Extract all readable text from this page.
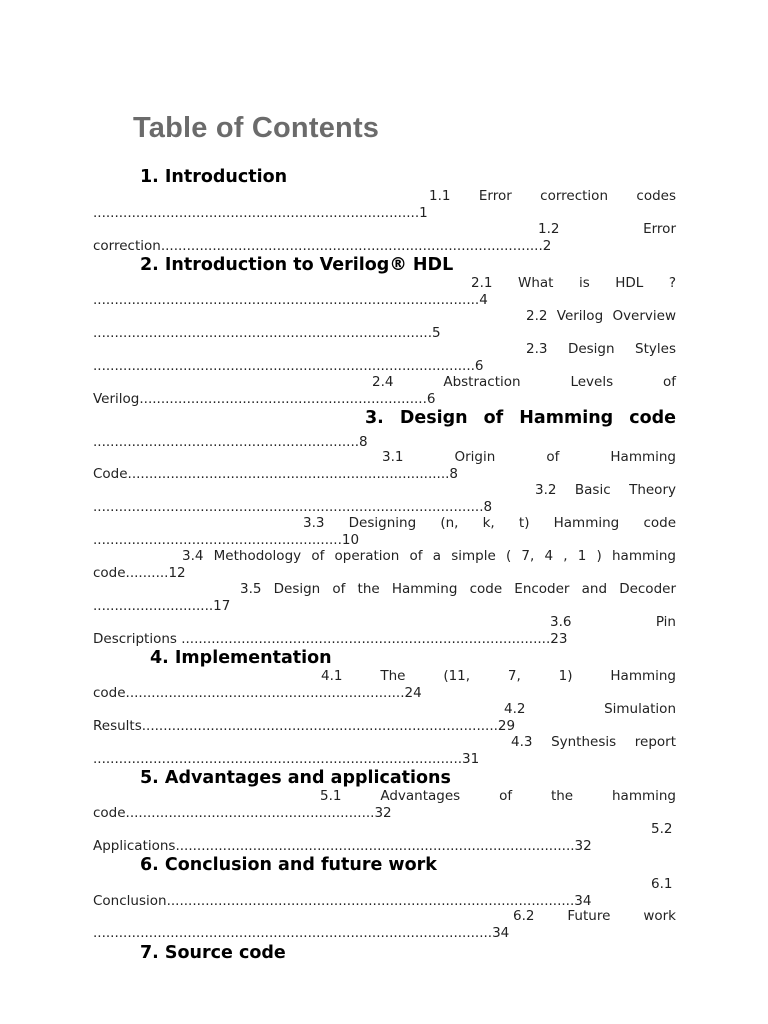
Table of Contents
1. Introduction

1.1 Error correction codes ............................................................................1

1.2 Error correction.........................................................................................2

2. Introduction to Verilog® HDL

2.1 What is HDL ? ..........................................................................................4

2.2 Verilog Overview ...............................................................................5

2.3 Design Styles .........................................................................................6

2.4 Abstraction Levels of Verilog...................................................................6

3. Design of Hamming code ..............................................................8

3.1 Origin of Hamming Code...........................................................................8

3.2 Basic Theory ...........................................................................................8

3.3 Designing (n, k, t) Hamming code ..........................................................10

3.4 Methodology of operation of a simple ( 7, 4 , 1 ) hamming code..........12

3.5 Design of the Hamming code Encoder and Decoder ............................17

3.6 Pin Descriptions ......................................................................................23

4. Implementation

4.1 The (11, 7, 1) Hamming code.................................................................24

4.2 Simulation Results...................................................................................29

4.3 Synthesis report ......................................................................................31

5. Advantages and applications

5.1 Advantages of the hamming code..........................................................32

5.2 Applications.............................................................................................32

6. Conclusion and future work

6.1 Conclusion...............................................................................................34

6.2 Future work .............................................................................................34

7. Source code
